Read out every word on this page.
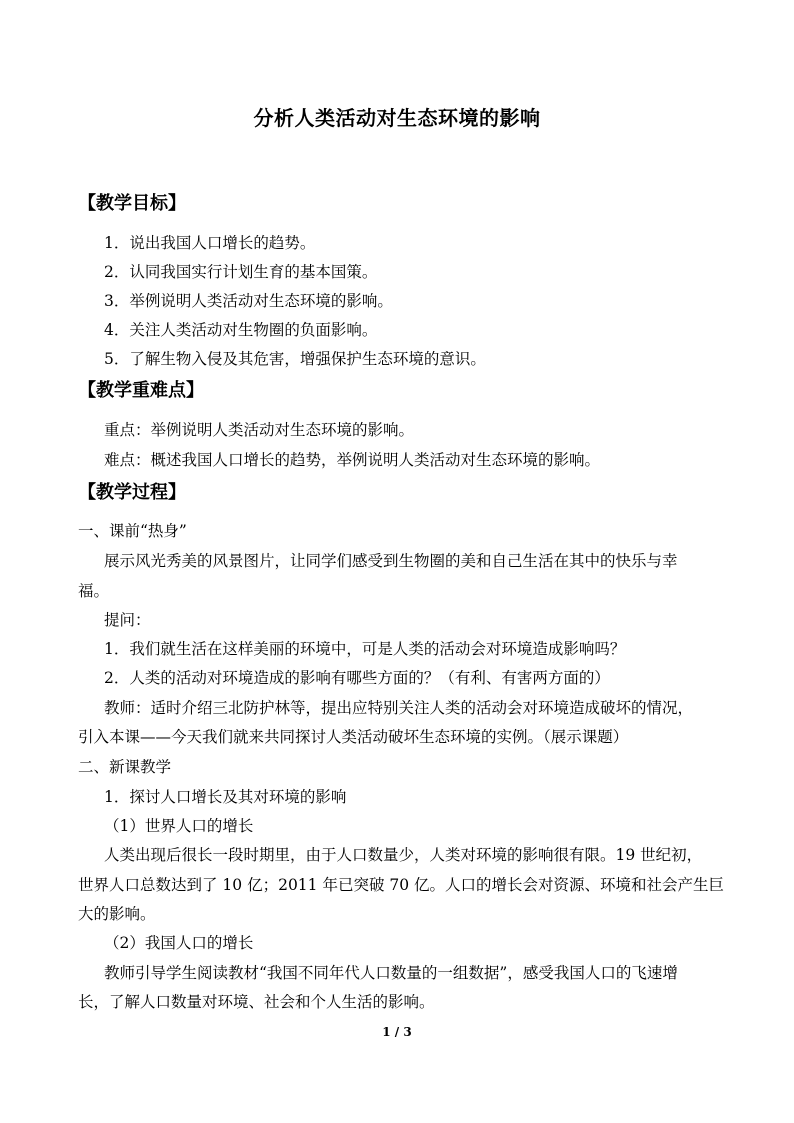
分析人类活动对生态环境的影响
【教学目标】
1．说出我国人口增长的趋势。
2．认同我国实行计划生育的基本国策。
3．举例说明人类活动对生态环境的影响。
4．关注人类活动对生物圈的负面影响。
5．了解生物入侵及其危害，增强保护生态环境的意识。
【教学重难点】
重点：举例说明人类活动对生态环境的影响。
难点：概述我国人口增长的趋势，举例说明人类活动对生态环境的影响。
【教学过程】
一、课前“热身”
展示风光秀美的风景图片，让同学们感受到生物圈的美和自己生活在其中的快乐与幸
福。
提问：
1．我们就生活在这样美丽的环境中，可是人类的活动会对环境造成影响吗？
2．人类的活动对环境造成的影响有哪些方面的？（有利、有害两方面的）
教师：适时介绍三北防护林等，提出应特别关注人类的活动会对环境造成破坏的情况，
引入本课——今天我们就来共同探讨人类活动破坏生态环境的实例。（展示课题）
二、新课教学
1．探讨人口增长及其对环境的影响
（1）世界人口的增长
人类出现后很长一段时期里，由于人口数量少，人类对环境的影响很有限。19 世纪初，
世界人口总数达到了 10 亿；2011 年已突破 70 亿。人口的增长会对资源、环境和社会产生巨
大的影响。
（2）我国人口的增长
教师引导学生阅读教材“我国不同年代人口数量的一组数据”，感受我国人口的飞速增
长，了解人口数量对环境、社会和个人生活的影响。
1 / 3
